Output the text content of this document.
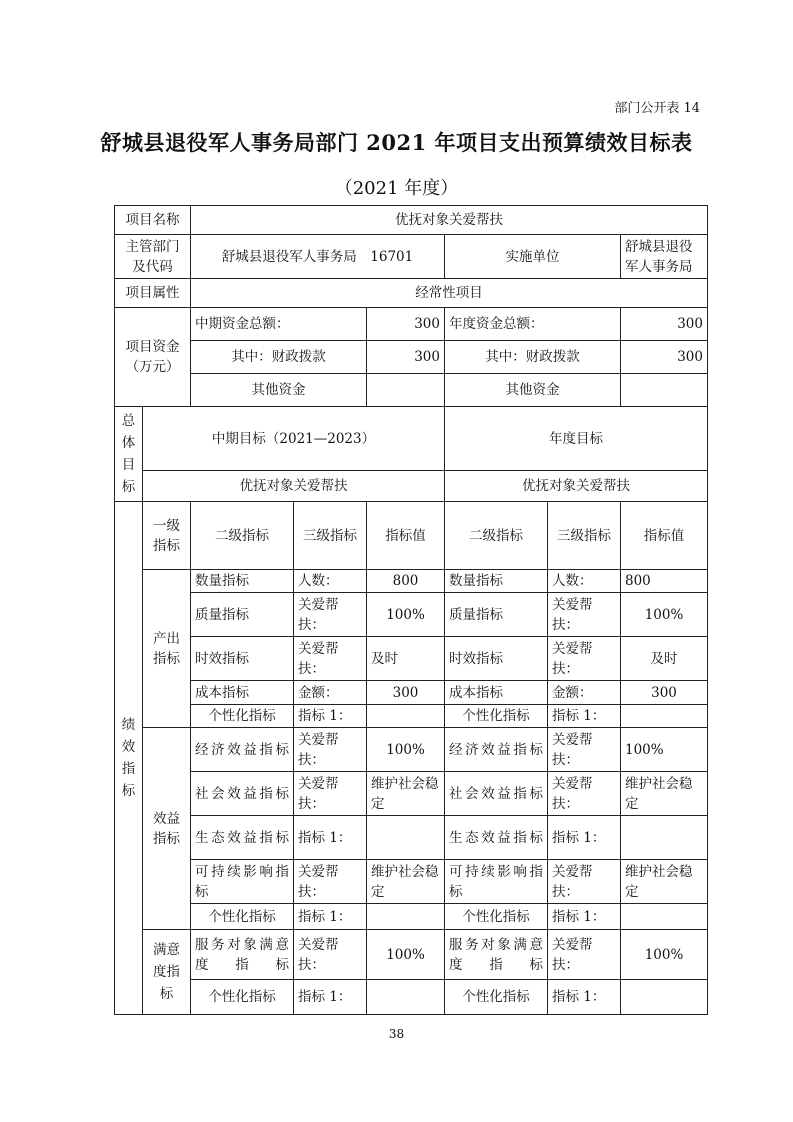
部门公开表 14
舒城县退役军人事务局部门 2021 年项目支出预算绩效目标表
（2021 年度）
项目名称		优抚对象关爱帮扶					
主管部门及代码		舒城县退役军人事务局　16701			实施单位		舒城县退役军人事务局
项目属性		经常性项目					
项目资金（万元）		中期资金总额：		300	年度资金总额：		300
		其中：财政拨款		300	其中：财政拨款		300
		其他资金			其他资金		
总体目标	中期目标（2021—2023）				年度目标		
	优抚对象关爱帮扶				优抚对象关爱帮扶		
绩效指标	一级指标	二级指标	三级指标	指标值	二级指标	三级指标	指标值
	产出指标	数量指标	人数：	800	数量指标	人数：	800
		质量指标	关爱帮扶：	100%	质量指标	关爱帮扶：	100%
		时效指标	关爱帮扶：	及时	时效指标	关爱帮扶：	及时
		成本指标	金额：	300	成本指标	金额：	300
		个性化指标	指标 1：		个性化指标	指标 1：	
	效益指标	经济效益指标	关爱帮扶：	100%	经济效益指标	关爱帮扶：	100%
		社会效益指标	关爱帮扶：	维护社会稳定	社会效益指标	关爱帮扶：	维护社会稳定
		生态效益指标	指标 1：		生态效益指标	指标 1：	
		可持续影响指标	关爱帮扶：	维护社会稳定	可持续影响指标	关爱帮扶：	维护社会稳定
		个性化指标	指标 1：		个性化指标	指标 1：	
	满意度指标	服务对象满意度指标	关爱帮扶：	100%	服务对象满意度指标	关爱帮扶：	100%
		个性化指标	指标 1：		个性化指标	指标 1：	
38
